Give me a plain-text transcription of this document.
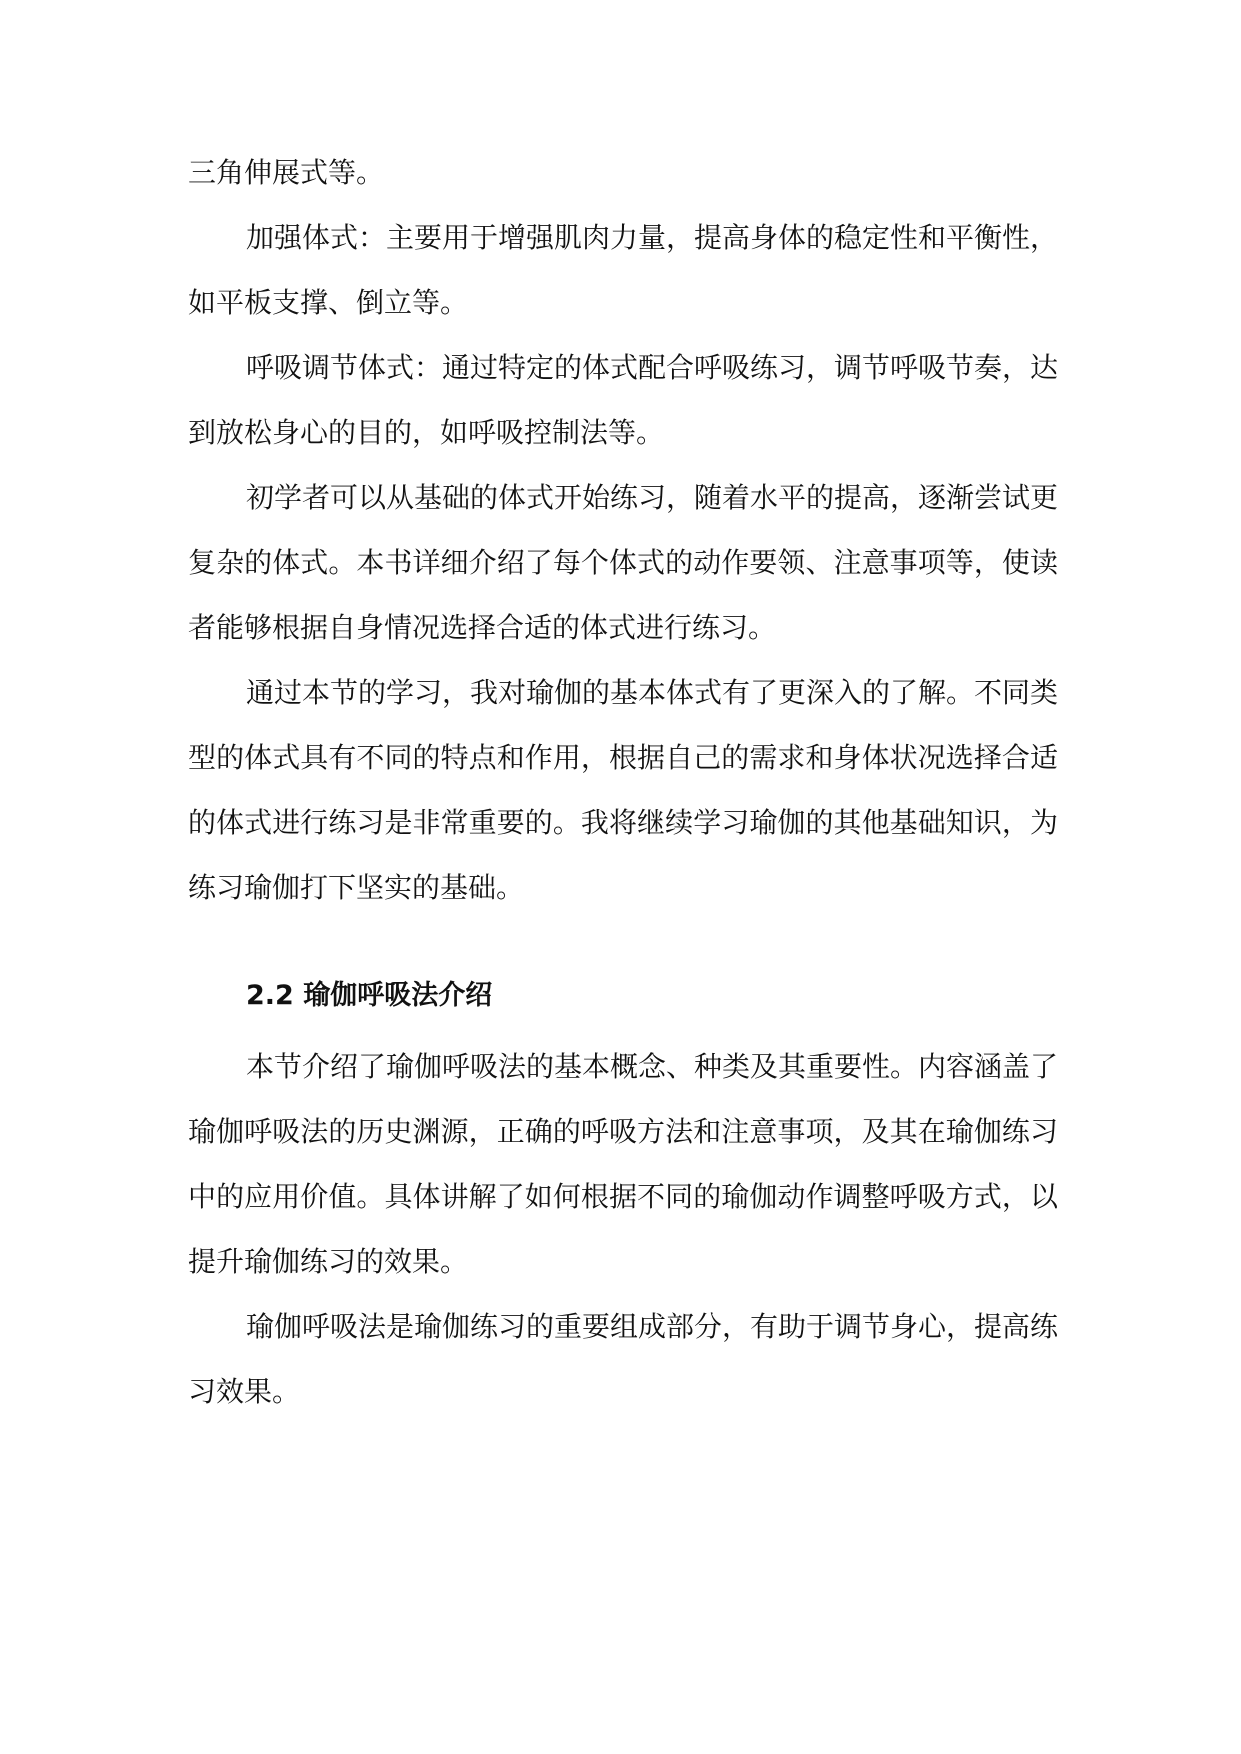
三角伸展式等。

加强体式：主要用于增强肌肉力量，提高身体的稳定性和平衡性，如平板支撑、倒立等。

呼吸调节体式：通过特定的体式配合呼吸练习，调节呼吸节奏，达到放松身心的目的，如呼吸控制法等。

初学者可以从基础的体式开始练习，随着水平的提高，逐渐尝试更复杂的体式。本书详细介绍了每个体式的动作要领、注意事项等，使读者能够根据自身情况选择合适的体式进行练习。

通过本节的学习，我对瑜伽的基本体式有了更深入的了解。不同类型的体式具有不同的特点和作用，根据自己的需求和身体状况选择合适的体式进行练习是非常重要的。我将继续学习瑜伽的其他基础知识，为练习瑜伽打下坚实的基础。

2.2 瑜伽呼吸法介绍

本节介绍了瑜伽呼吸法的基本概念、种类及其重要性。内容涵盖了瑜伽呼吸法的历史渊源，正确的呼吸方法和注意事项，及其在瑜伽练习中的应用价值。具体讲解了如何根据不同的瑜伽动作调整呼吸方式，以提升瑜伽练习的效果。

瑜伽呼吸法是瑜伽练习的重要组成部分，有助于调节身心，提高练习效果。
